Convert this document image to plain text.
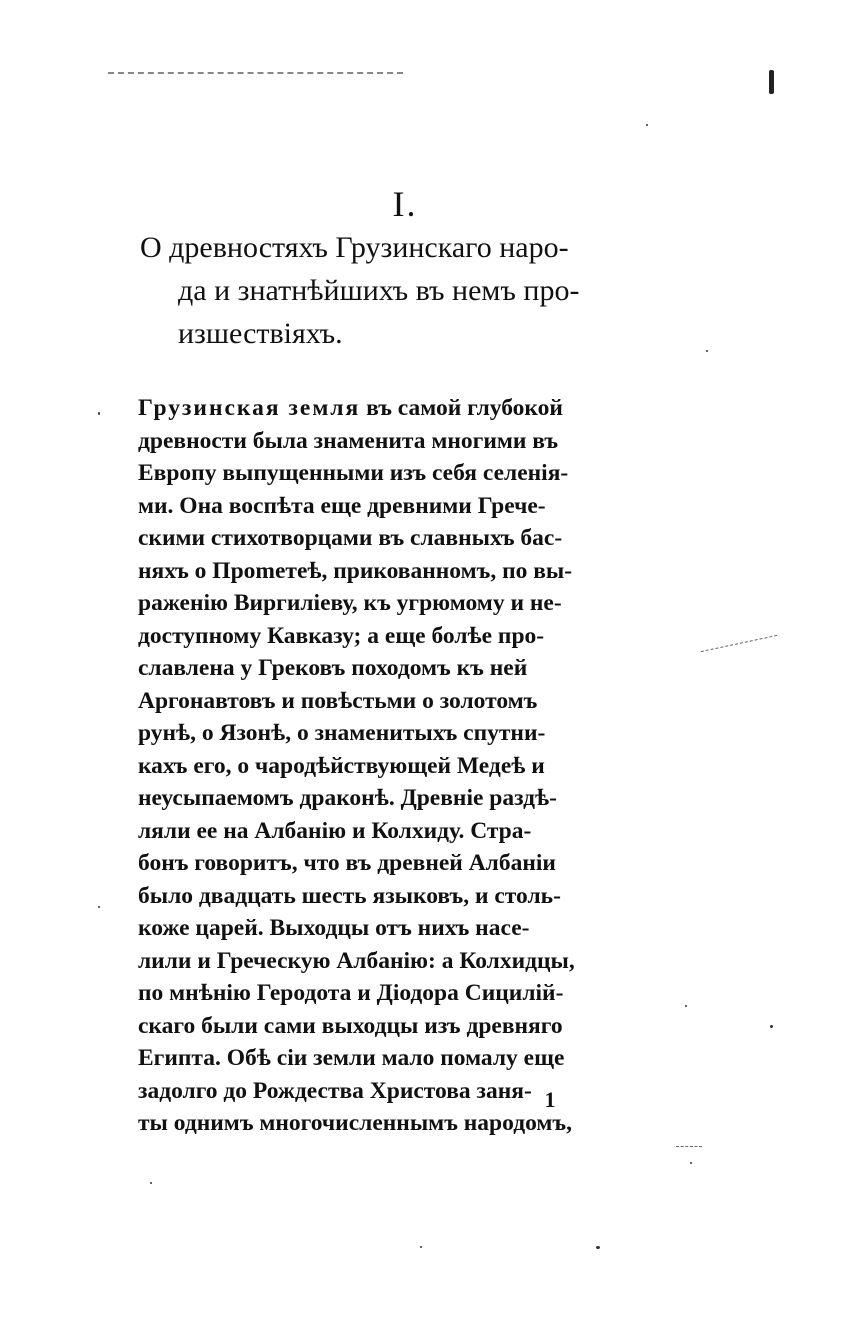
I.
О древностяхъ Грузинскаго наро-
да и знатнѣйшихъ въ немъ про-
изшествіяхъ.
Грузинская земля въ самой глубокой
древности была знаменита многими въ
Европу выпущенными изъ себя селенія-
ми. Она воспѣта еще древними Грече-
скими стихотворцами въ славныхъ бас-
няхъ о Проmетеѣ, прикованномъ, по вы-
раженію Виргиліеву, къ угрюмому и не-
доступному Кавказу; а еще болѣе про-
славлена у Грековъ походомъ къ ней
Аргонавтовъ и повѣстьми о золотомъ
рунѣ, о Язонѣ, о знаменитыхъ спутни-
кахъ его, о чародѣйствующей Медеѣ и
неусыпаемомъ драконѣ. Древніе раздѣ-
ляли ее на Албанію и Колхиду. Стра-
бонъ говоритъ, что въ древней Албаніи
было двадцать шесть языковъ, и столь-
коже царей. Выходцы отъ нихъ насе-
лили и Греческую Албанію: а Колхидцы,
по мнѣнію Геродота и Діодора Сицилій-
скаго были сами выходцы изъ древняго
Египта. Обѣ сіи земли мало помалу еще
задолго до Рождества Христова заня-
ты однимъ многочисленнымъ народомъ,
1
